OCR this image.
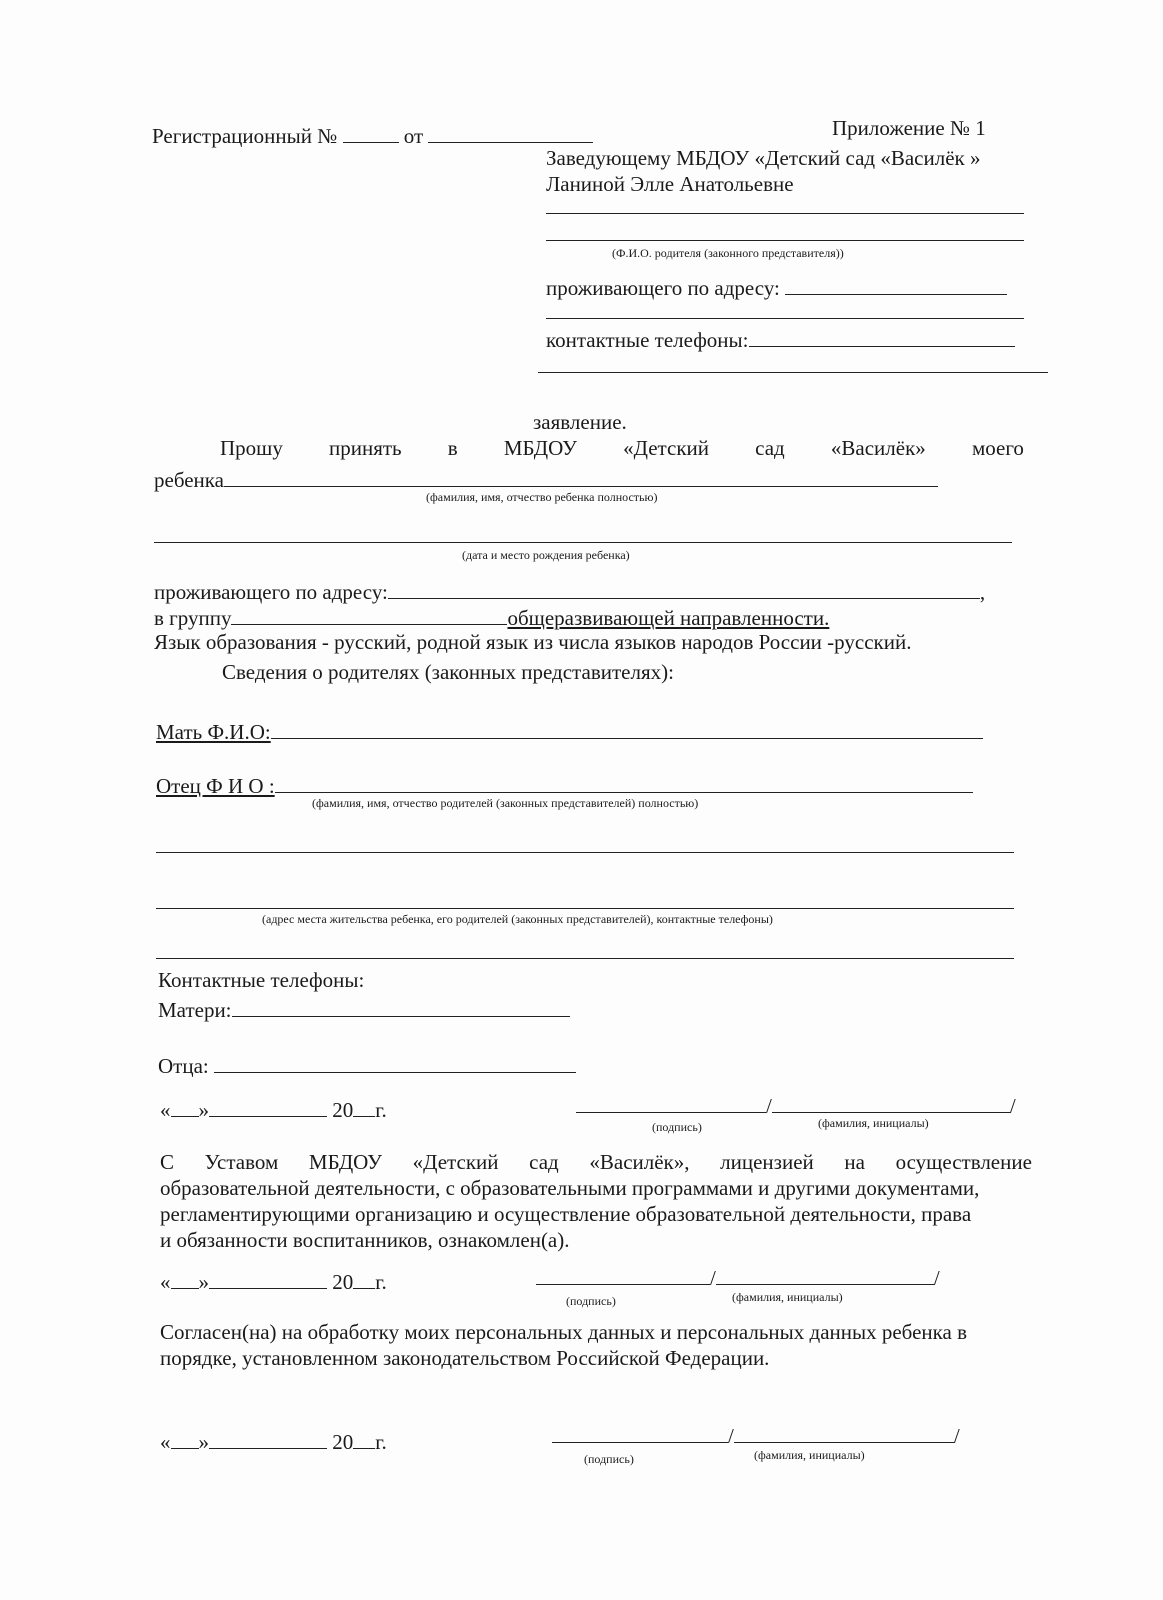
Регистрационный №	от	Приложение № 1
Заведующему МБДОУ «Детский сад «Василёк »
Ланиной Элле Анатольевне
(Ф.И.О. родителя (законного представителя))
проживающего по адресу:
контактные телефоны:
заявление.
Прошу принять в МБДОУ «Детский сад «Василёк» моего
ребенка
(фамилия, имя, отчество ребенка полностью)
(дата и место рождения ребенка)
проживающего по адресу:	,
в группу	общеразвивающей направленности.
Язык образования - русский, родной язык из числа языков народов России -русский.
Сведения о родителях (законных представителях):
Мать Ф.И.О:
Отец Ф И О :
(фамилия, имя, отчество родителей (законных представителей) полностью)
(адрес места жительства ребенка, его родителей (законных представителей), контактные телефоны)
Контактные телефоны:
Матери:
Отца:
« »	20 г.	/	/
(подпись)	(фамилия, инициалы)
С Уставом МБДОУ «Детский сад «Василёк», лицензией на осуществление
образовательной деятельности, с образовательными программами и другими документами,
регламентирующими организацию и осуществление образовательной деятельности, права
и обязанности воспитанников, ознакомлен(а).
« »	20 г.	/	/
(подпись)	(фамилия, инициалы)
Согласен(на) на обработку моих персональных данных и персональных данных ребенка в
порядке, установленном законодательством Российской Федерации.
« »	20 г.	/	/
(подпись)	(фамилия, инициалы)
